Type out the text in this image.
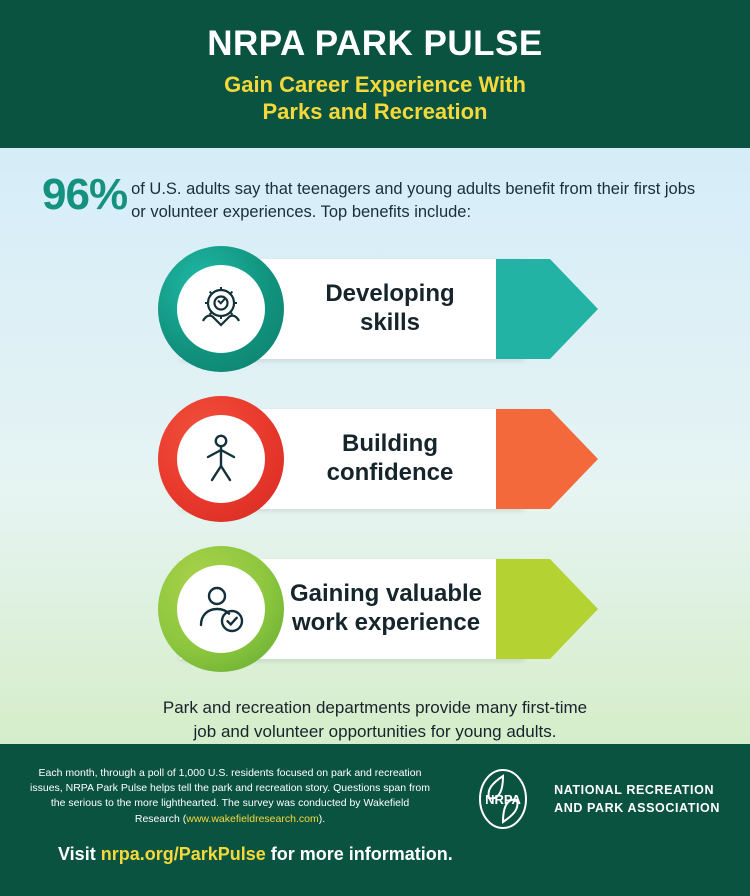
NRPA PARK PULSE
Gain Career Experience With
Parks and Recreation
96% of U.S. adults say that teenagers and young adults benefit from their first jobs or volunteer experiences. Top benefits include:
Developing
skills
Building
confidence
Gaining valuable
work experience
Park and recreation departments provide many first-time
job and volunteer opportunities for young adults.
Each month, through a poll of 1,000 U.S. residents focused on park and recreation issues, NRPA Park Pulse helps tell the park and recreation story. Questions span from the serious to the more lighthearted. The survey was conducted by Wakefield Research (www.wakefieldresearch.com).
NRPA
NATIONAL RECREATION
AND PARK ASSOCIATION
Visit nrpa.org/ParkPulse for more information.
